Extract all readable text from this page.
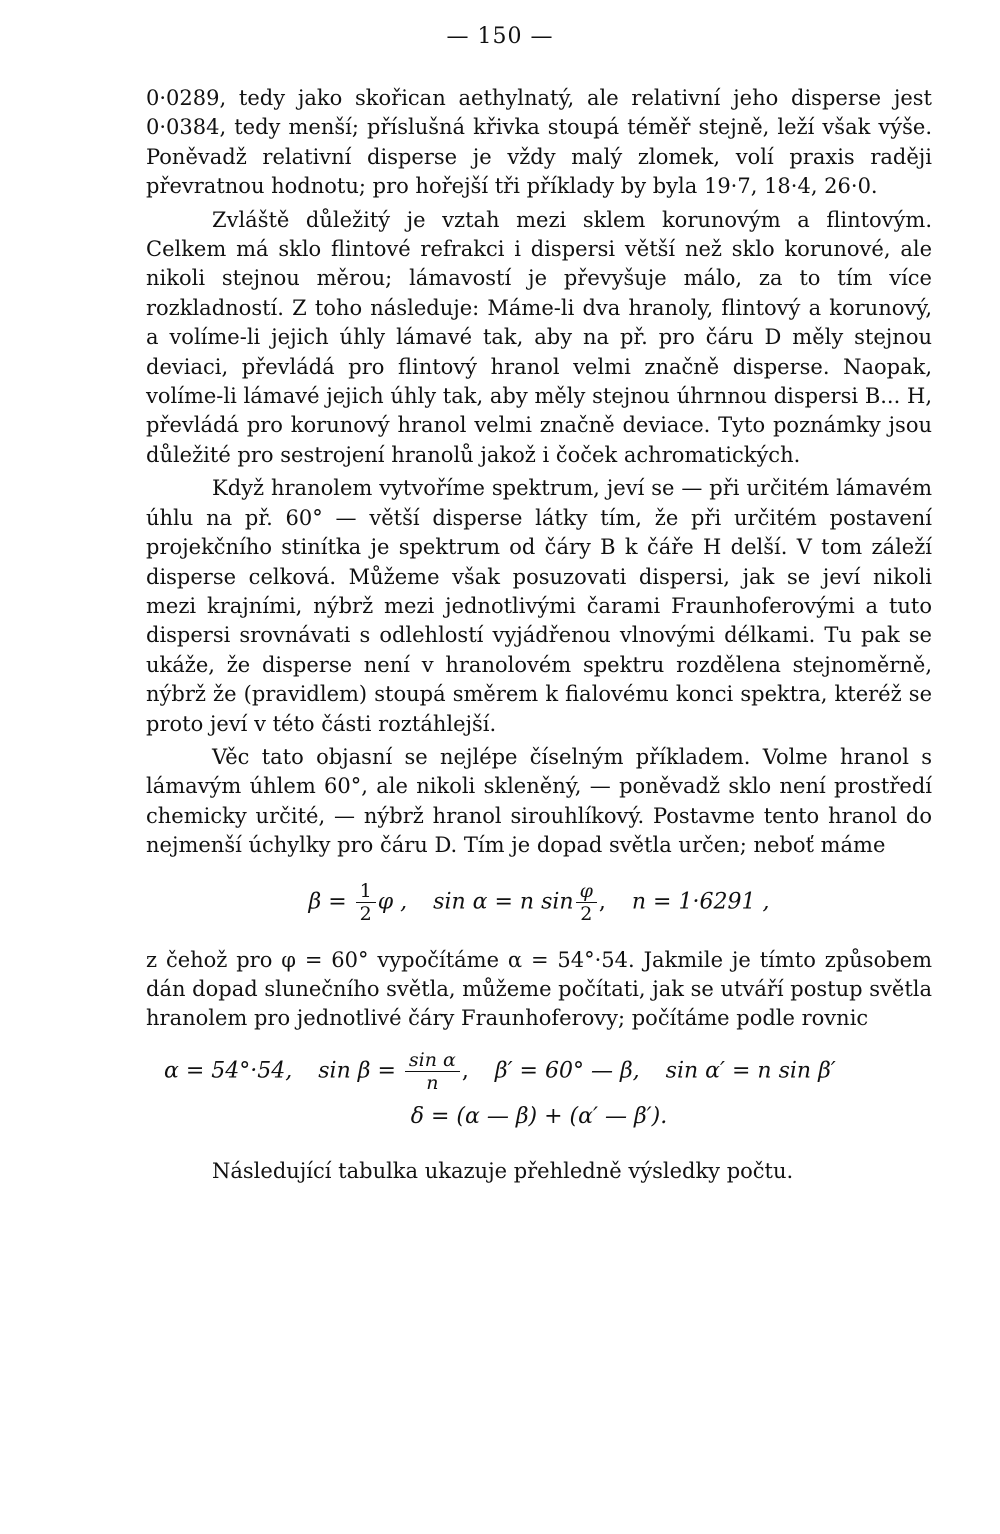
— 150 —

0·0289, tedy jako skořican aethylnatý, ale relativní jeho disperse jest 0·0384, tedy menší; příslušná křivka stoupá téměř stejně, leží však výše. Poněvadž relativní disperse je vždy malý zlomek, volí praxis raději převratnou hodnotu; pro hořejší tři příklady by byla 19·7, 18·4, 26·0.

Zvláště důležitý je vztah mezi sklem korunovým a flintovým. Celkem má sklo flintové refrakci i dispersi větší než sklo korunové, ale nikoli stejnou měrou; lámavostí je převyšuje málo, za to tím více rozkladností. Z toho následuje: Máme-li dva hranoly, flintový a korunový, a volíme-li jejich úhly lámavé tak, aby na př. pro čáru D měly stejnou deviaci, převládá pro flintový hranol velmi značně disperse. Naopak, volíme-li lámavé jejich úhly tak, aby měly stejnou úhrnnou dispersi B... H, převládá pro korunový hranol velmi značně deviace. Tyto poznámky jsou důležité pro sestrojení hranolů jakož i čoček achromatických.

Když hranolem vytvoříme spektrum, jeví se — při určitém lámavém úhlu na př. 60° — větší disperse látky tím, že při určitém postavení projekčního stinítka je spektrum od čáry B k čáře H delší. V tom záleží disperse celková. Můžeme však posuzovati dispersi, jak se jeví nikoli mezi krajními, nýbrž mezi jednotlivými čarami Fraunhoferovými a tuto dispersi srovnávati s odlehlostí vyjádřenou vlnovými délkami. Tu pak se ukáže, že disperse není v hranolovém spektru rozdělena stejnoměrně, nýbrž že (pravidlem) stoupá směrem k fialovému konci spektra, kteréž se proto jeví v této části roztáhlejší.

Věc tato objasní se nejlépe číselným příkladem. Volme hranol s lámavým úhlem 60°, ale nikoli skleněný, — poněvadž sklo není prostředí chemicky určité, — nýbrž hranol sirouhlíkový. Postavme tento hranol do nejmenší úchylky pro čáru D. Tím je dopad světla určen; neboť máme

$\beta = \frac{1}{2}$ φ , sin α = n $\sin \frac{\varphi}{2}$ , n = 1·6291 ,

z čehož pro φ = 60° vypočítáme α = 54°·54. Jakmile je tímto způsobem dán dopad slunečního světla, můžeme počítati, jak se utváří postup světla hranolem pro jednotlivé čáry Fraunhoferovy; počítáme podle rovnic

α = 54°·54, $\sin \beta = \frac{\text{sin α}}{n}$ , β′ = 60° — β, sin α′ = n sin β′
δ = (α — β) + (α′ — β′).

Následující tabulka ukazuje přehledně výsledky počtu.
